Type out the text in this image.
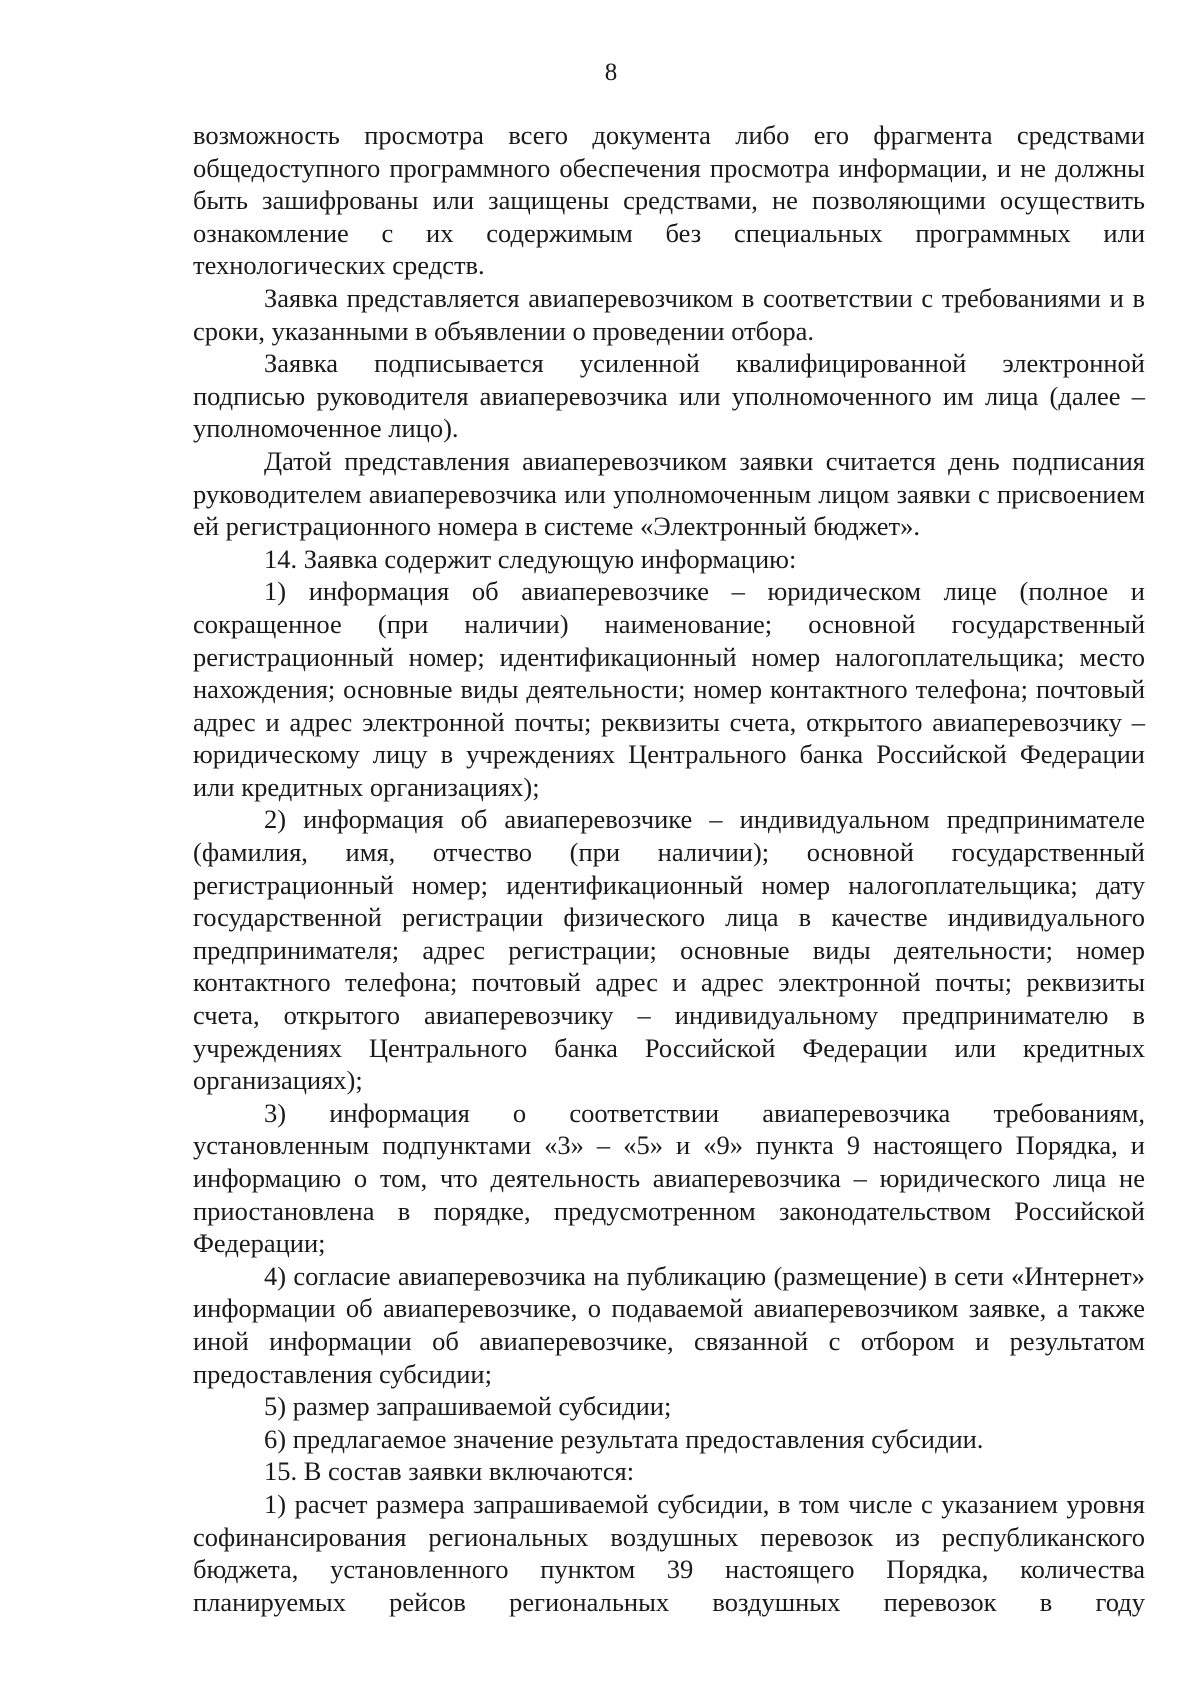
8

возможность просмотра всего документа либо его фрагмента средствами общедоступного программного обеспечения просмотра информации, и не должны быть зашифрованы или защищены средствами, не позволяющими осуществить ознакомление с их содержимым без специальных программных или технологических средств.

Заявка представляется авиаперевозчиком в соответствии с требованиями и в сроки, указанными в объявлении о проведении отбора.

Заявка подписывается усиленной квалифицированной электронной подписью руководителя авиаперевозчика или уполномоченного им лица (далее – уполномоченное лицо).

Датой представления авиаперевозчиком заявки считается день подписания руководителем авиаперевозчика или уполномоченным лицом заявки с присвоением ей регистрационного номера в системе «Электронный бюджет».

14. Заявка содержит следующую информацию:

1) информация об авиаперевозчике – юридическом лице (полное и сокращенное (при наличии) наименование; основной государственный регистрационный номер; идентификационный номер налогоплательщика; место нахождения; основные виды деятельности; номер контактного телефона; почтовый адрес и адрес электронной почты; реквизиты счета, открытого авиаперевозчику – юридическому лицу в учреждениях Центрального банка Российской Федерации или кредитных организациях);

2) информация об авиаперевозчике – индивидуальном предпринимателе (фамилия, имя, отчество (при наличии); основной государственный регистрационный номер; идентификационный номер налогоплательщика; дату государственной регистрации физического лица в качестве индивидуального предпринимателя; адрес регистрации; основные виды деятельности; номер контактного телефона; почтовый адрес и адрес электронной почты; реквизиты счета, открытого авиаперевозчику – индивидуальному предпринимателю в учреждениях Центрального банка Российской Федерации или кредитных организациях);

3) информация о соответствии авиаперевозчика требованиям, установленным подпунктами «3» – «5» и «9» пункта 9 настоящего Порядка, и информацию о том, что деятельность авиаперевозчика – юридического лица не приостановлена в порядке, предусмотренном законодательством Российской Федерации;

4) согласие авиаперевозчика на публикацию (размещение) в сети «Интернет» информации об авиаперевозчике, о подаваемой авиаперевозчиком заявке, а также иной информации об авиаперевозчике, связанной с отбором и результатом предоставления субсидии;

5) размер запрашиваемой субсидии;

6) предлагаемое значение результата предоставления субсидии.

15. В состав заявки включаются:

1) расчет размера запрашиваемой субсидии, в том числе с указанием уровня софинансирования региональных воздушных перевозок из республиканского бюджета, установленного пунктом 39 настоящего Порядка, количества планируемых рейсов региональных воздушных перевозок в году
